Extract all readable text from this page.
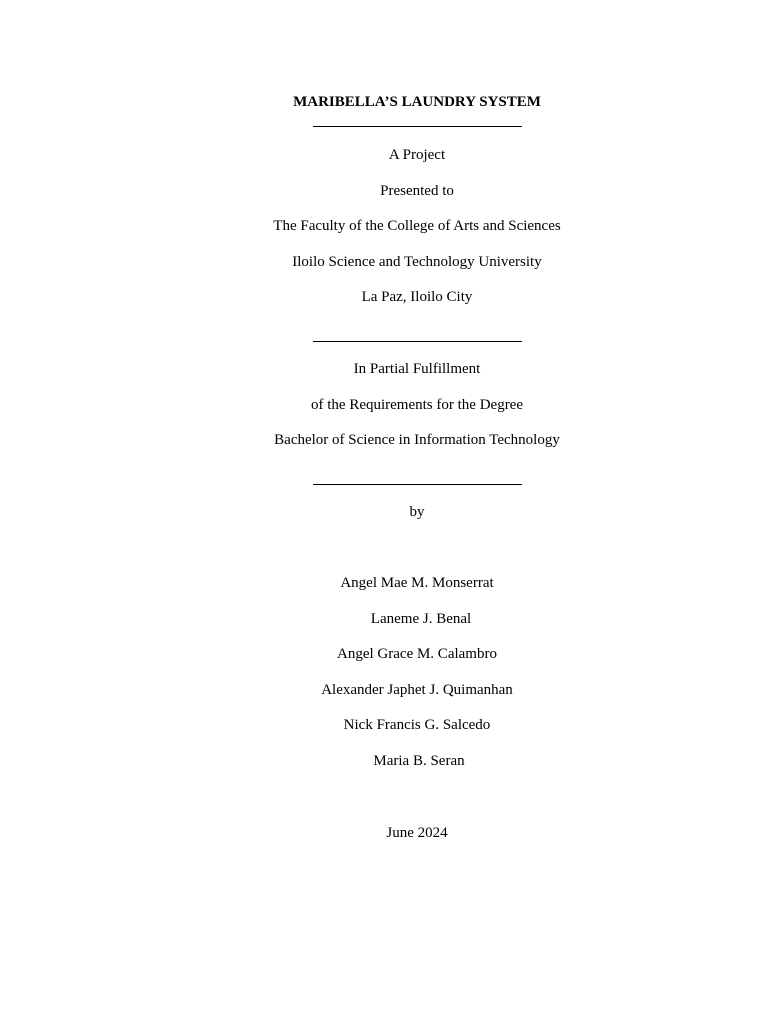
MARIBELLA’S LAUNDRY SYSTEM
A Project
Presented to
The Faculty of the College of Arts and Sciences
Iloilo Science and Technology University
La Paz, Iloilo City
In Partial Fulfillment
of the Requirements for the Degree
Bachelor of Science in Information Technology
by
Angel Mae M. Monserrat
Laneme J. Benal
Angel Grace M. Calambro
Alexander Japhet J. Quimanhan
Nick Francis G. Salcedo
Maria B. Seran
June 2024
